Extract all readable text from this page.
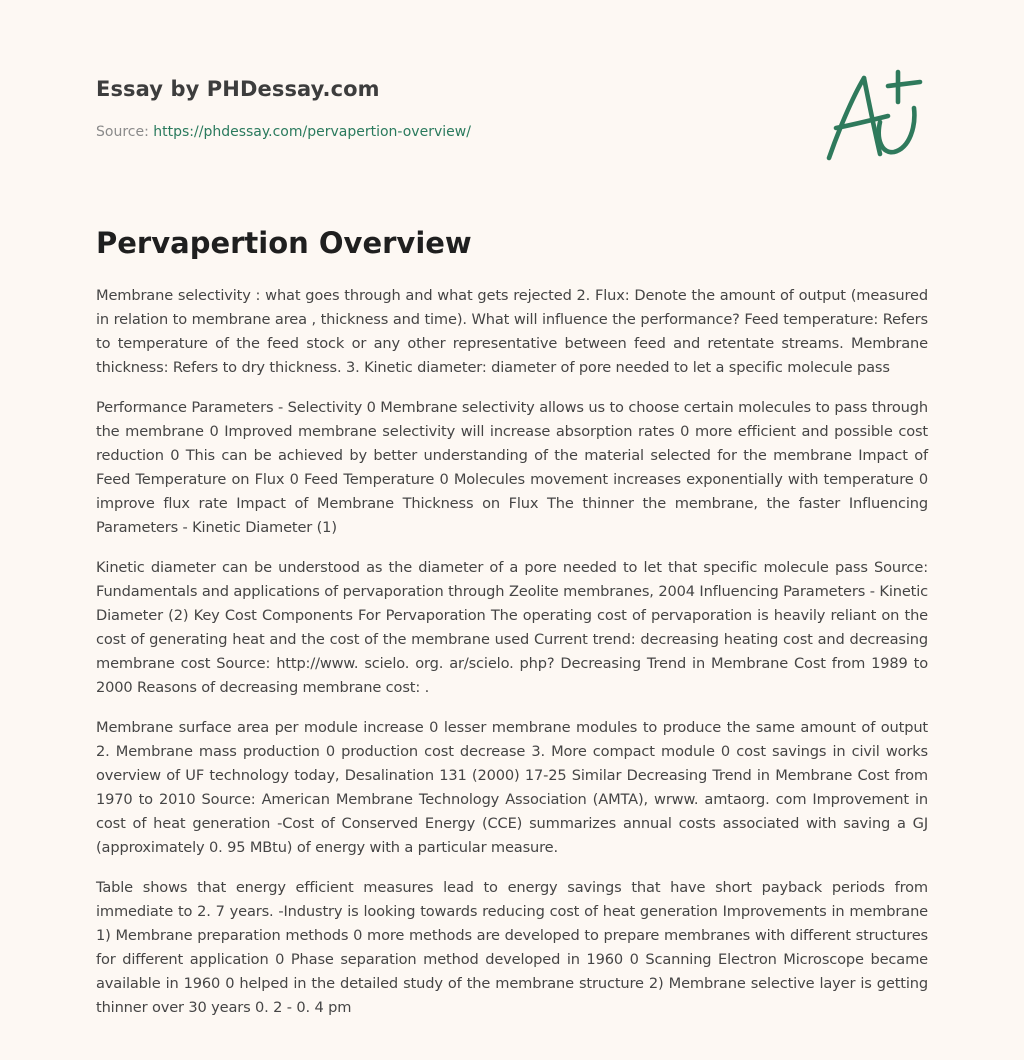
Essay by PHDessay.com

Source: https://phdessay.com/pervapertion-overview/

Pervapertion Overview

Membrane selectivity : what goes through and what gets rejected 2. Flux: Denote the amount of output (measured in relation to membrane area , thickness and time). What will influence the performance? Feed temperature: Refers to temperature of the feed stock or any other representative between feed and retentate streams. Membrane thickness: Refers to dry thickness. 3. Kinetic diameter: diameter of pore needed to let a specific molecule pass

Performance Parameters - Selectivity 0 Membrane selectivity allows us to choose certain molecules to pass through the membrane 0 Improved membrane selectivity will increase absorption rates 0 more efficient and possible cost reduction 0 This can be achieved by better understanding of the material selected for the membrane Impact of Feed Temperature on Flux 0 Feed Temperature 0 Molecules movement increases exponentially with temperature 0 improve flux rate Impact of Membrane Thickness on Flux The thinner the membrane, the faster Influencing Parameters - Kinetic Diameter (1)

Kinetic diameter can be understood as the diameter of a pore needed to let that specific molecule pass Source: Fundamentals and applications of pervaporation through Zeolite membranes, 2004 Influencing Parameters - Kinetic Diameter (2) Key Cost Components For Pervaporation The operating cost of pervaporation is heavily reliant on the cost of generating heat and the cost of the membrane used Current trend: decreasing heating cost and decreasing membrane cost Source: http://www. scielo. org. ar/scielo. php? Decreasing Trend in Membrane Cost from 1989 to 2000 Reasons of decreasing membrane cost: .

Membrane surface area per module increase 0 lesser membrane modules to produce the same amount of output 2. Membrane mass production 0 production cost decrease 3. More compact module 0 cost savings in civil works overview of UF technology today, Desalination 131 (2000) 17-25 Similar Decreasing Trend in Membrane Cost from 1970 to 2010 Source: American Membrane Technology Association (AMTA), wrww. amtaorg. com Improvement in cost of heat generation -Cost of Conserved Energy (CCE) summarizes annual costs associated with saving a GJ (approximately 0. 95 MBtu) of energy with a particular measure.

Table shows that energy efficient measures lead to energy savings that have short payback periods from immediate to 2. 7 years. -Industry is looking towards reducing cost of heat generation Improvements in membrane 1) Membrane preparation methods 0 more methods are developed to prepare membranes with different structures for different application 0 Phase separation method developed in 1960 0 Scanning Electron Microscope became available in 1960 0 helped in the detailed study of the membrane structure 2) Membrane selective layer is getting thinner over 30 years 0. 2 - 0. 4 pm
